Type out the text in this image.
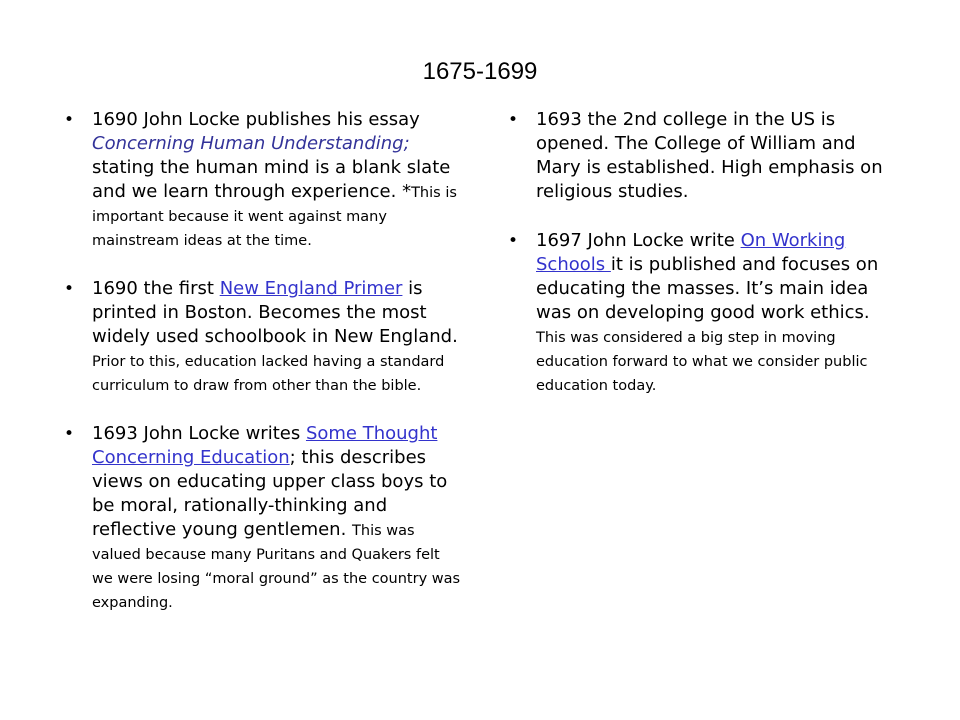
1675-1699
• 1690 John Locke publishes his essay Concerning Human Understanding; stating the human mind is a blank slate and we learn through experience. *This is important because it went against many mainstream ideas at the time.
• 1690 the first New England Primer is printed in Boston. Becomes the most widely used schoolbook in New England. Prior to this, education lacked having a standard curriculum to draw from other than the bible.
• 1693 John Locke writes Some Thought Concerning Education; this describes views on educating upper class boys to be moral, rationally-thinking and reflective young gentlemen. This was valued because many Puritans and Quakers felt we were losing “moral ground” as the country was expanding.
• 1693 the 2nd college in the US is opened. The College of William and Mary is established. High emphasis on religious studies.
• 1697 John Locke write On Working Schools it is published and focuses on educating the masses. It’s main idea was on developing good work ethics. This was considered a big step in moving education forward to what we consider public education today.
